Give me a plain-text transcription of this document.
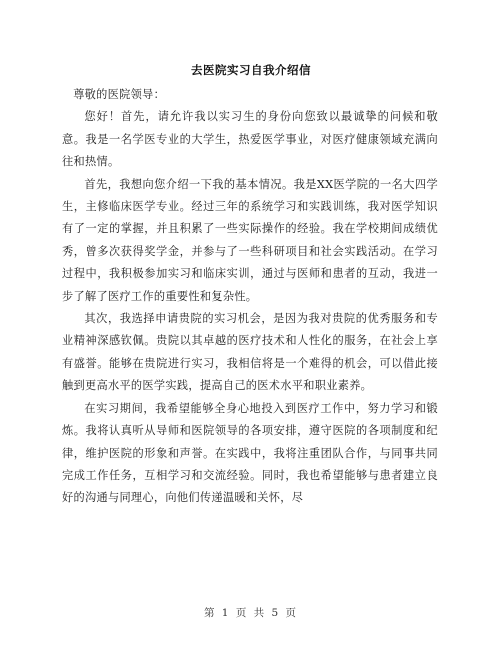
去医院实习自我介绍信

尊敬的医院领导：

您好！首先，请允许我以实习生的身份向您致以最诚挚的问候和敬意。我是一名学医专业的大学生，热爱医学事业，对医疗健康领域充满向往和热情。

首先，我想向您介绍一下我的基本情况。我是XX医学院的一名大四学生，主修临床医学专业。经过三年的系统学习和实践训练，我对医学知识有了一定的掌握，并且积累了一些实际操作的经验。我在学校期间成绩优秀，曾多次获得奖学金，并参与了一些科研项目和社会实践活动。在学习过程中，我积极参加实习和临床实训，通过与医师和患者的互动，我进一步了解了医疗工作的重要性和复杂性。

其次，我选择申请贵院的实习机会，是因为我对贵院的优秀服务和专业精神深感钦佩。贵院以其卓越的医疗技术和人性化的服务，在社会上享有盛誉。能够在贵院进行实习，我相信将是一个难得的机会，可以借此接触到更高水平的医学实践，提高自己的医术水平和职业素养。

在实习期间，我希望能够全身心地投入到医疗工作中，努力学习和锻炼。我将认真听从导师和医院领导的各项安排，遵守医院的各项制度和纪律，维护医院的形象和声誉。在实践中，我将注重团队合作，与同事共同完成工作任务，互相学习和交流经验。同时，我也希望能够与患者建立良好的沟通与同理心，向他们传递温暖和关怀，尽

第 1 页 共 5 页
